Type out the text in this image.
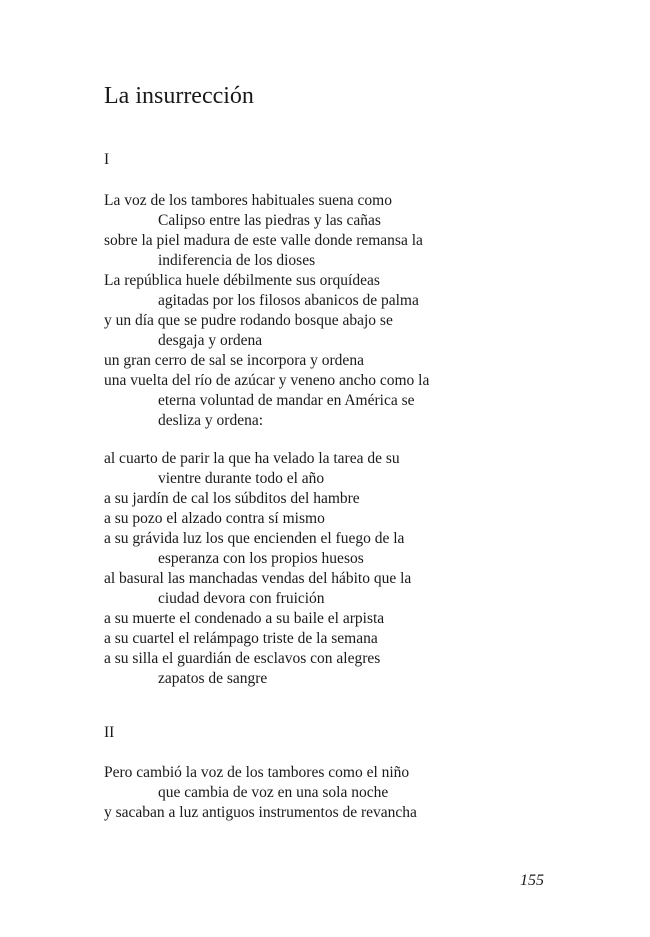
La insurrección

I

La voz de los tambores habituales suena como
Calipso entre las piedras y las cañas
sobre la piel madura de este valle donde remansa la
indiferencia de los dioses
La república huele débilmente sus orquídeas
agitadas por los filosos abanicos de palma
y un día que se pudre rodando bosque abajo se
desgaja y ordena
un gran cerro de sal se incorpora y ordena
una vuelta del río de azúcar y veneno ancho como la
eterna voluntad de mandar en América se
desliza y ordena:
al cuarto de parir la que ha velado la tarea de su
vientre durante todo el año
a su jardín de cal los súbditos del hambre
a su pozo el alzado contra sí mismo
a su grávida luz los que encienden el fuego de la
esperanza con los propios huesos
al basural las manchadas vendas del hábito que la
ciudad devora con fruición
a su muerte el condenado a su baile el arpista
a su cuartel el relámpago triste de la semana
a su silla el guardián de esclavos con alegres
zapatos de sangre

II

Pero cambió la voz de los tambores como el niño
que cambia de voz en una sola noche
y sacaban a luz antiguos instrumentos de revancha
155
